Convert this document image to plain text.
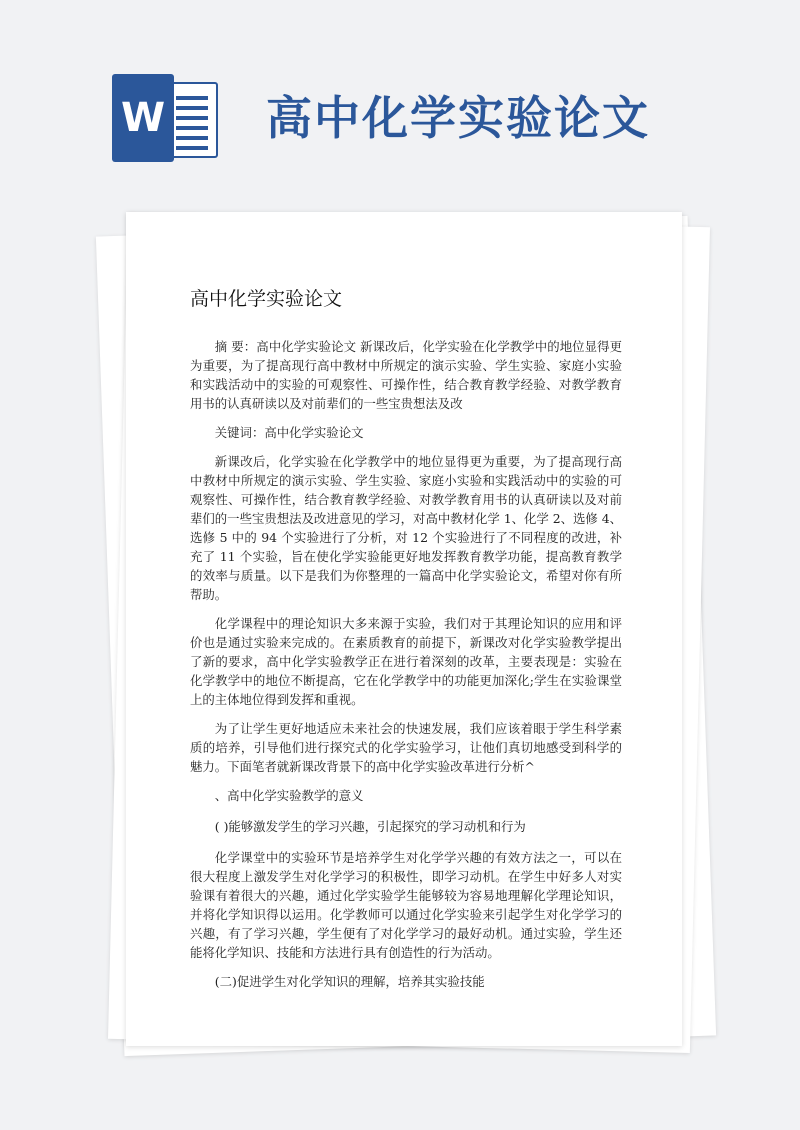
W 高中化学实验论文
高中化学实验论文

摘 要：高中化学实验论文 新课改后，化学实验在化学教学中的地位显得更为重要，为了提高现行高中教材中所规定的演示实验、学生实验、家庭小实验和实践活动中的实验的可观察性、可操作性，结合教育教学经验、对教学教育用书的认真研读以及对前辈们的一些宝贵想法及改

关键词：高中化学实验论文

新课改后，化学实验在化学教学中的地位显得更为重要，为了提高现行高中教材中所规定的演示实验、学生实验、家庭小实验和实践活动中的实验的可观察性、可操作性，结合教育教学经验、对教学教育用书的认真研读以及对前辈们的一些宝贵想法及改进意见的学习，对高中教材化学 1、化学 2、选修 4、选修 5 中的 94 个实验进行了分析，对 12 个实验进行了不同程度的改进，补充了 11 个实验，旨在使化学实验能更好地发挥教育教学功能，提高教育教学的效率与质量。以下是我们为你整理的一篇高中化学实验论文，希望对你有所帮助。

化学课程中的理论知识大多来源于实验，我们对于其理论知识的应用和评价也是通过实验来完成的。在素质教育的前提下，新课改对化学实验教学提出了新的要求，高中化学实验教学正在进行着深刻的改革，主要表现是：实验在化学教学中的地位不断提高，它在化学教学中的功能更加深化;学生在实验课堂上的主体地位得到发挥和重视。

为了让学生更好地适应未来社会的快速发展，我们应该着眼于学生科学素质的培养，引导他们进行探究式的化学实验学习，让他们真切地感受到科学的魅力。下面笔者就新课改背景下的高中化学实验改革进行分析^

、高中化学实验教学的意义

( )能够激发学生的学习兴趣，引起探究的学习动机和行为

化学课堂中的实验环节是培养学生对化学学兴趣的有效方法之一，可以在很大程度上激发学生对化学学习的积极性，即学习动机。在学生中好多人对实验课有着很大的兴趣，通过化学实验学生能够较为容易地理解化学理论知识，并将化学知识得以运用。化学教师可以通过化学实验来引起学生对化学学习的兴趣，有了学习兴趣，学生便有了对化学学习的最好动机。通过实验，学生还能将化学知识、技能和方法进行具有创造性的行为活动。

(二)促进学生对化学知识的理解，培养其实验技能
